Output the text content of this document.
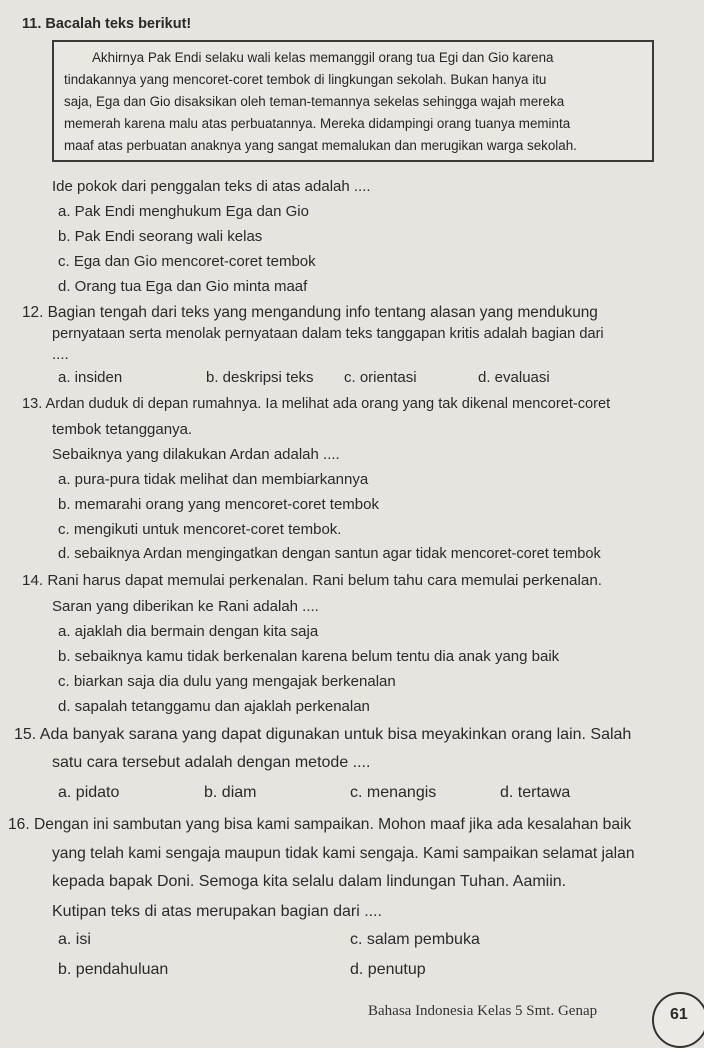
11. Bacalah teks berikut!
Akhirnya Pak Endi selaku wali kelas memanggil orang tua Egi dan Gio karena
tindakannya yang mencoret-coret tembok di lingkungan sekolah. Bukan hanya itu
saja, Ega dan Gio disaksikan oleh teman-temannya sekelas sehingga wajah mereka
memerah karena malu atas perbuatannya. Mereka didampingi orang tuanya meminta
maaf atas perbuatan anaknya yang sangat memalukan dan merugikan warga sekolah.
Ide pokok dari penggalan teks di atas adalah ....
a. Pak Endi menghukum Ega dan Gio
b. Pak Endi seorang wali kelas
c. Ega dan Gio mencoret-coret tembok
d. Orang tua Ega dan Gio minta maaf
12. Bagian tengah dari teks yang mengandung info tentang alasan yang mendukung
pernyataan serta menolak pernyataan dalam teks tanggapan kritis adalah bagian dari
....
a. insiden	b. deskripsi teks c. orientasi	d. evaluasi
13. Ardan duduk di depan rumahnya. Ia melihat ada orang yang tak dikenal mencoret-coret
tembok tetangganya.
Sebaiknya yang dilakukan Ardan adalah ....
a. pura-pura tidak melihat dan membiarkannya
b. memarahi orang yang mencoret-coret tembok
c. mengikuti untuk mencoret-coret tembok.
d. sebaiknya Ardan mengingatkan dengan santun agar tidak mencoret-coret tembok
14. Rani harus dapat memulai perkenalan. Rani belum tahu cara memulai perkenalan.
Saran yang diberikan ke Rani adalah ....
a. ajaklah dia bermain dengan kita saja
b. sebaiknya kamu tidak berkenalan karena belum tentu dia anak yang baik
c. biarkan saja dia dulu yang mengajak berkenalan
d. sapalah tetanggamu dan ajaklah perkenalan
15. Ada banyak sarana yang dapat digunakan untuk bisa meyakinkan orang lain. Salah
satu cara tersebut adalah dengan metode ....
a. pidato	b. diam	c. menangis	d. tertawa
16. Dengan ini sambutan yang bisa kami sampaikan. Mohon maaf jika ada kesalahan baik
yang telah kami sengaja maupun tidak kami sengaja. Kami sampaikan selamat jalan
kepada bapak Doni. Semoga kita selalu dalam lindungan Tuhan. Aamiin.
Kutipan teks di atas merupakan bagian dari ....
a. isi	c. salam pembuka
b. pendahuluan	d. penutup
Bahasa Indonesia Kelas 5 Smt. Genap	61
